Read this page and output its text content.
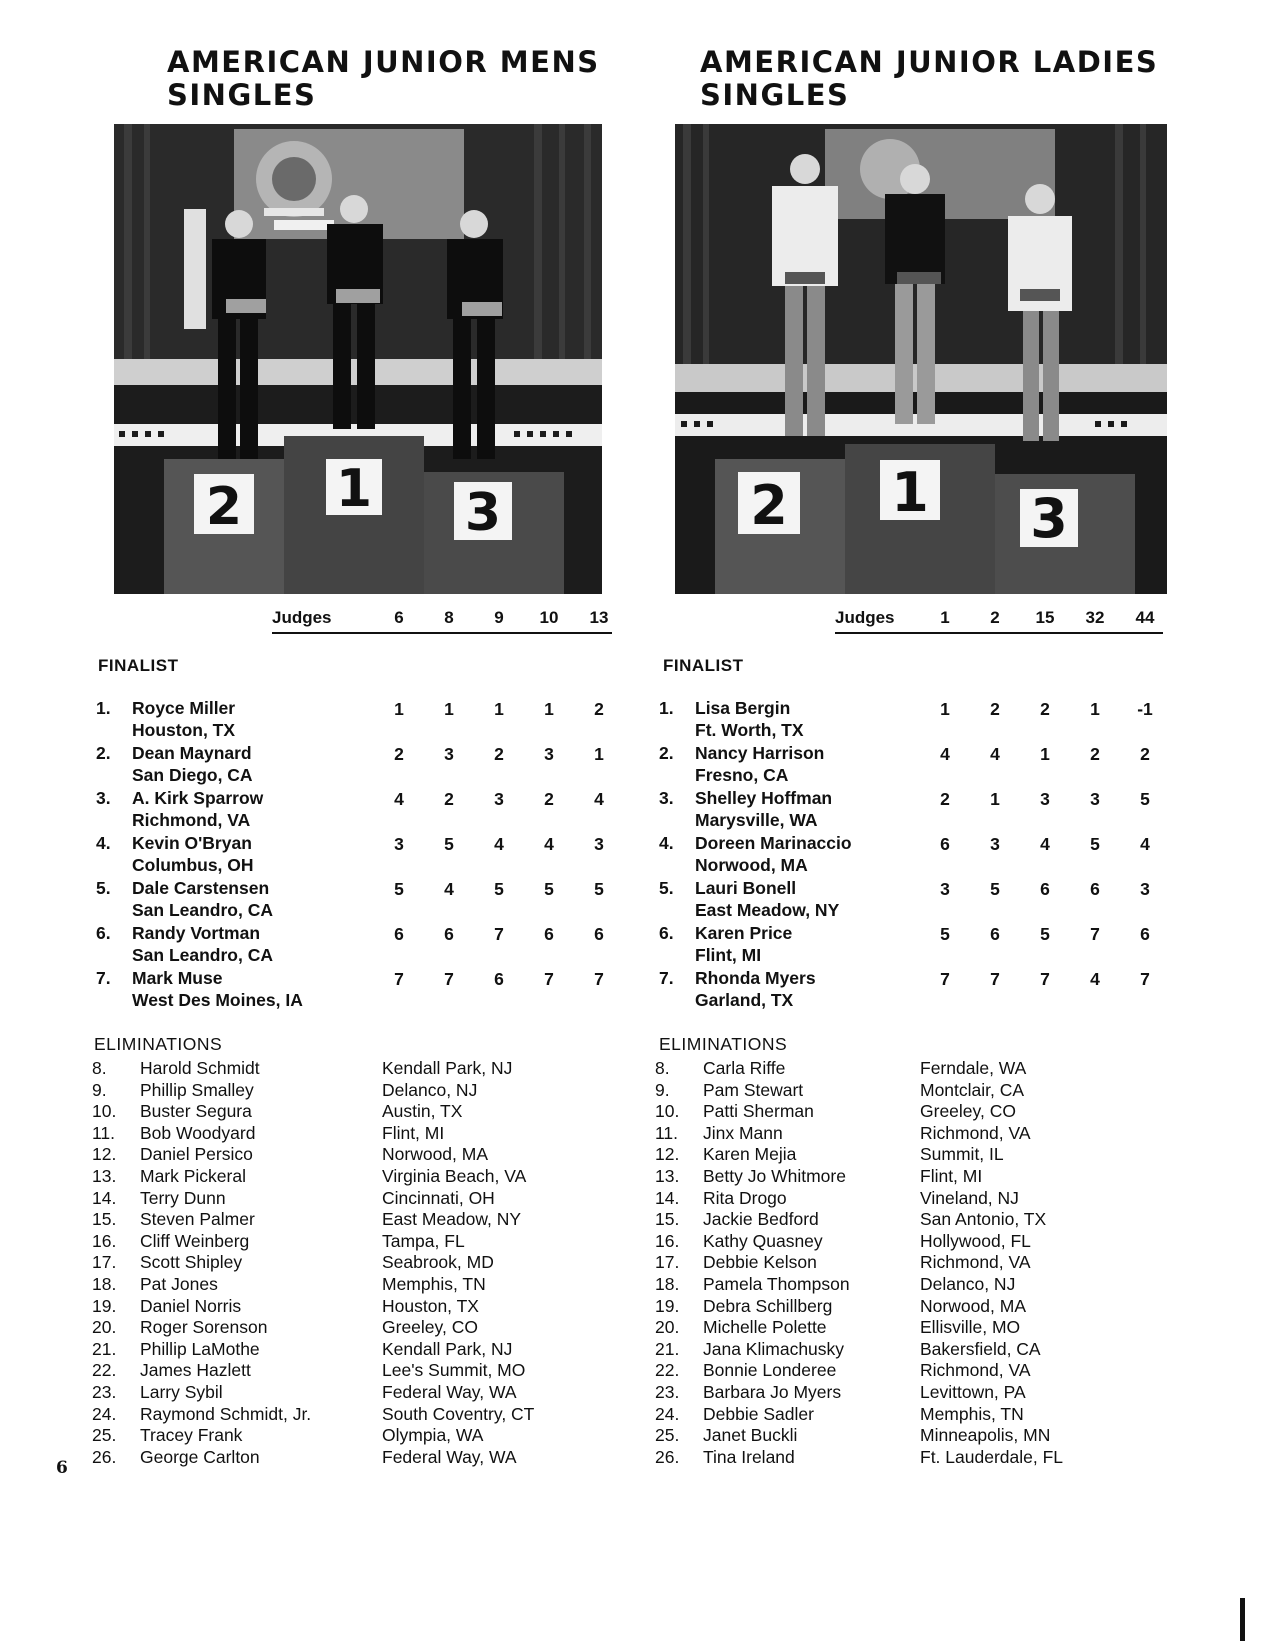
AMERICAN JUNIOR MENS
SINGLES
2 1 3
Judges	6	8	9	10	13
FINALIST
1. Royce Miller
Houston, TX
1	1	1	1	2
2. Dean Maynard
San Diego, CA
2	3	2	3	1
3. A. Kirk Sparrow
Richmond, VA
4	2	3	2	4
4. Kevin O'Bryan
Columbus, OH
3	5	4	4	3
5. Dale Carstensen
San Leandro, CA
5	4	5	5	5
6. Randy Vortman
San Leandro, CA
6	6	7	6	6
7. Mark Muse
West Des Moines, IA
7	7	6	7	7
ELIMINATIONS
8. Harold Schmidt	Kendall Park, NJ
9. Phillip Smalley	Delanco, NJ
10. Buster Segura	Austin, TX
11. Bob Woodyard	Flint, MI
12. Daniel Persico	Norwood, MA
13. Mark Pickeral	Virginia Beach, VA
14. Terry Dunn	Cincinnati, OH
15. Steven Palmer	East Meadow, NY
16. Cliff Weinberg	Tampa, FL
17. Scott Shipley	Seabrook, MD
18. Pat Jones	Memphis, TN
19. Daniel Norris	Houston, TX
20. Roger Sorenson	Greeley, CO
21. Phillip LaMothe	Kendall Park, NJ
22. James Hazlett	Lee's Summit, MO
23. Larry Sybil	Federal Way, WA
24. Raymond Schmidt, Jr.	South Coventry, CT
25. Tracey Frank	Olympia, WA
26. George Carlton	Federal Way, WA
AMERICAN JUNIOR LADIES
SINGLES
2 1 3
Judges	1	2	15	32	44
FINALIST
1. Lisa Bergin
Ft. Worth, TX
1	2	2	1	-1
2. Nancy Harrison
Fresno, CA
4	4	1	2	2
3. Shelley Hoffman
Marysville, WA
2	1	3	3	5
4. Doreen Marinaccio
Norwood, MA
6	3	4	5	4
5. Lauri Bonell
East Meadow, NY
3	5	6	6	3
6. Karen Price
Flint, MI
5	6	5	7	6
7. Rhonda Myers
Garland, TX
7	7	7	4	7
ELIMINATIONS
8. Carla Riffe	Ferndale, WA
9. Pam Stewart	Montclair, CA
10. Patti Sherman	Greeley, CO
11. Jinx Mann	Richmond, VA
12. Karen Mejia	Summit, IL
13. Betty Jo Whitmore	Flint, MI
14. Rita Drogo	Vineland, NJ
15. Jackie Bedford	San Antonio, TX
16. Kathy Quasney	Hollywood, FL
17. Debbie Kelson	Richmond, VA
18. Pamela Thompson	Delanco, NJ
19. Debra Schillberg	Norwood, MA
20. Michelle Polette	Ellisville, MO
21. Jana Klimachusky	Bakersfield, CA
22. Bonnie Londeree	Richmond, VA
23. Barbara Jo Myers	Levittown, PA
24. Debbie Sadler	Memphis, TN
25. Janet Buckli	Minneapolis, MN
26. Tina Ireland	Ft. Lauderdale, FL
6
